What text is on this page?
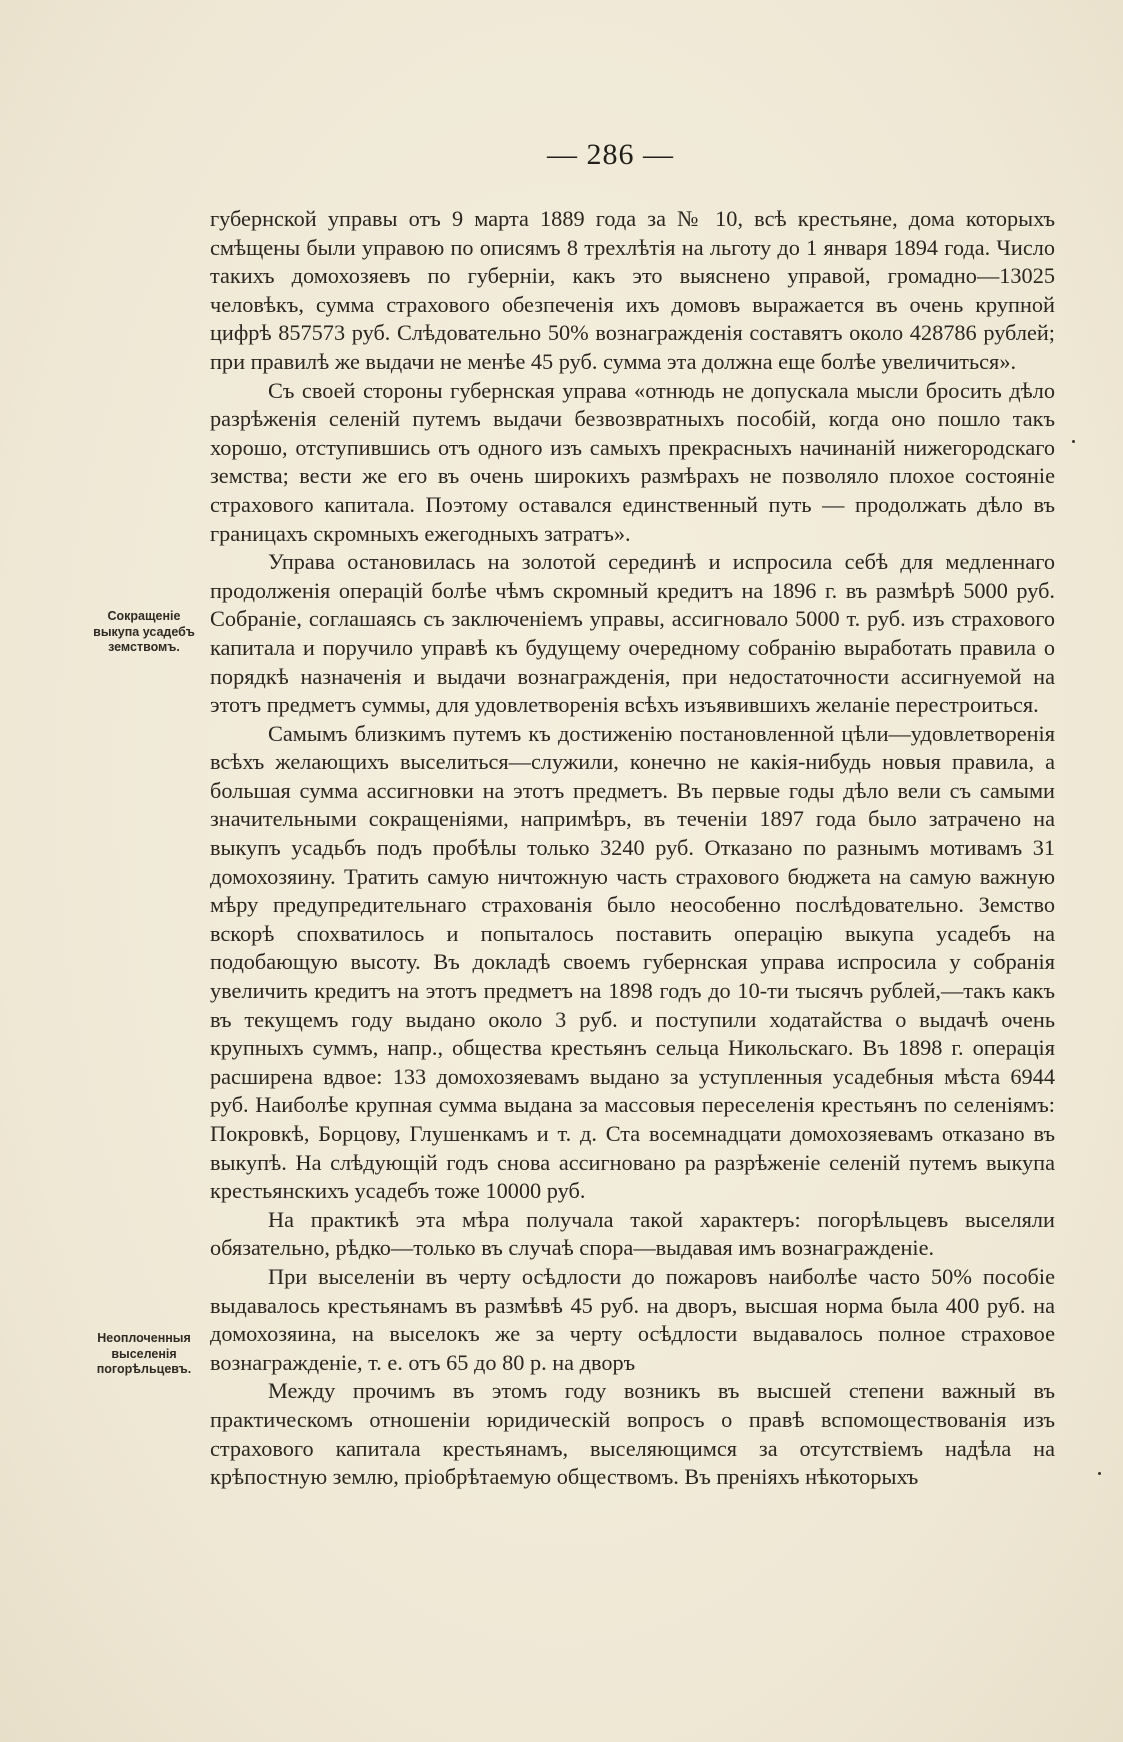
— 286 —
Сокращеніе выкупа усадебъ земствомъ.
Неоплоченныя выселенія погорѣльцевъ.

губернской управы отъ 9 марта 1889 года за № 10, всѣ крестьяне, дома которыхъ смѣщены были управою по описямъ 8 трехлѣтія на льготу до 1 января 1894 года. Число такихъ домохозяевъ по губерніи, какъ это выяснено управой, громадно—13025 человѣкъ, сумма страхового обезпеченія ихъ домовъ выражается въ очень крупной цифрѣ 857573 руб. Слѣдовательно 50% вознагражденія составятъ около 428786 рублей; при правилѣ же выдачи не менѣе 45 руб. сумма эта должна еще болѣе увеличиться».

Съ своей стороны губернская управа «отнюдь не допускала мысли бросить дѣло разрѣженія селеній путемъ выдачи безвозвратныхъ пособій, когда оно пошло такъ хорошо, отступившись отъ одного изъ самыхъ прекрасныхъ начинаній нижегородскаго земства; вести же его въ очень широкихъ размѣрахъ не позволяло плохое состояніе страхового капитала. Поэтому оставался единственный путь — продолжать дѣло въ границахъ скромныхъ ежегодныхъ затратъ».

Управа остановилась на золотой серединѣ и испросила себѣ для медленнаго продолженія операцій болѣе чѣмъ скромный кредитъ на 1896 г. въ размѣрѣ 5000 руб. Собраніе, соглашаясь съ заключеніемъ управы, ассигновало 5000 т. руб. изъ страхового капитала и поручило управѣ къ будущему очередному собранію выработать правила о порядкѣ назначенія и выдачи вознагражденія, при недостаточности ассигнуемой на этотъ предметъ суммы, для удовлетворенія всѣхъ изъявившихъ желаніе перестроиться.

Самымъ близкимъ путемъ къ достиженію постановленной цѣли—удовлетворенія всѣхъ желающихъ выселиться—служили, конечно не какія-нибудь новыя правила, а большая сумма ассигновки на этотъ предметъ. Въ первые годы дѣло вели съ самыми значительными сокращеніями, напримѣръ, въ теченіи 1897 года было затрачено на выкупъ усадьбъ подъ пробѣлы только 3240 руб. Отказано по разнымъ мотивамъ 31 домохозяину. Тратить самую ничтожную часть страхового бюджета на самую важную мѣру предупредительнаго страхованія было неособенно послѣдовательно. Земство вскорѣ спохватилось и попыталось поставить операцію выкупа усадебъ на подобающую высоту. Въ докладѣ своемъ губернская управа испросила у собранія увеличить кредитъ на этотъ предметъ на 1898 годъ до 10-ти тысячъ рублей,—такъ какъ въ текущемъ году выдано около 3 руб. и поступили ходатайства о выдачѣ очень крупныхъ суммъ, напр., общества крестьянъ сельца Никольскаго. Въ 1898 г. операція расширена вдвое: 133 домохозяевамъ выдано за уступленныя усадебныя мѣста 6944 руб. Наиболѣе крупная сумма выдана за массовыя переселенія крестьянъ по селеніямъ: Покровкѣ, Борцову, Глушенкамъ и т. д. Ста восемнадцати домохозяевамъ отказано въ выкупѣ. На слѣдующій годъ снова ассигновано ра разрѣженіе селеній путемъ выкупа крестьянскихъ усадебъ тоже 10000 руб.

На практикѣ эта мѣра получала такой характеръ: погорѣльцевъ выселяли обязательно, рѣдко—только въ случаѣ спора—выдавая имъ вознагражденіе.

При выселеніи въ черту осѣдлости до пожаровъ наиболѣе часто 50% пособіе выдавалось крестьянамъ въ размѣвѣ 45 руб. на дворъ, высшая норма была 400 руб. на домохозяина, на выселокъ же за черту осѣдлости выдавалось полное страховое вознагражденіе, т. е. отъ 65 до 80 р. на дворъ

Между прочимъ въ этомъ году возникъ въ высшей степени важный въ практическомъ отношеніи юридическій вопросъ о правѣ вспомоществованія изъ страхового капитала крестьянамъ, выселяющимся за отсутствіемъ надѣла на крѣпостную землю, пріобрѣтаемую обществомъ. Въ преніяхъ нѣкоторыхъ
